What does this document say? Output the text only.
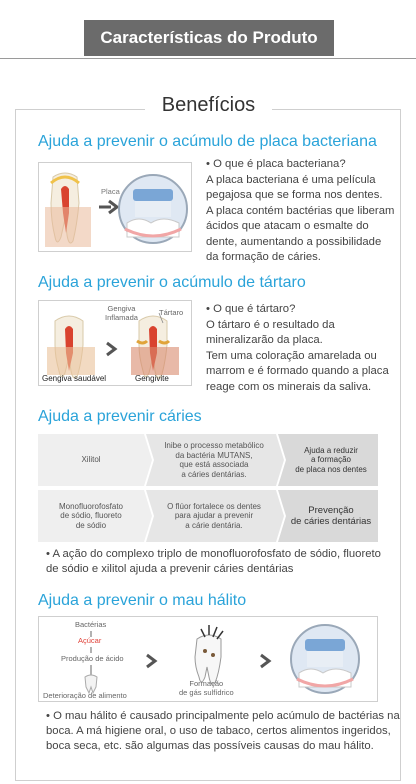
Características do Produto
Benefícios
Ajuda a prevenir o acúmulo de placa bacteriana
Placa

• O que é placa bacteriana?

A placa bacteriana é uma película

pegajosa que se forma nos dentes.

A placa contém bactérias que liberam

ácidos que atacam o esmalte do

dente, aumentando a possibilidade

da formação de cáries.

Ajuda a prevenir o acúmulo de tártaro
Gengiva
Inflamada
Tártaro
Gengiva saudável	Gengivite

• O que é tártaro?

O tártaro é o resultado da

mineralizarão da placa.

Tem uma coloração amarelada ou

marrom e é formado quando a placa

reage com os minerais da saliva.

Ajuda a prevenir cáries
Xilitol
Inibe o processo metabólico
da bactéria MUTANS,
que está associada
a cáries dentárias.
Ajuda a reduzir
a formação
de placa nos dentes
Monofluorofosfato
de sódio, fluoreto
de sódio
O flúor fortalece os dentes
para ajudar a prevenir
a cárie dentária.
Prevenção
de cáries dentárias

• A ação do complexo triplo de monofluorofosfato de sódio, fluoreto

de sódio e xilitol ajuda a prevenir cáries dentárias

Ajuda a prevenir o mau hálito
Bactérias
Açúcar
Produção de ácido
Deterioração de alimento
Formação
de gás sulfídrico

• O mau hálito é causado principalmente pelo acúmulo de bactérias na

boca. A má higiene oral, o uso de tabaco, certos alimentos ingeridos,

boca seca, etc. são algumas das possíveis causas do mau hálito.
